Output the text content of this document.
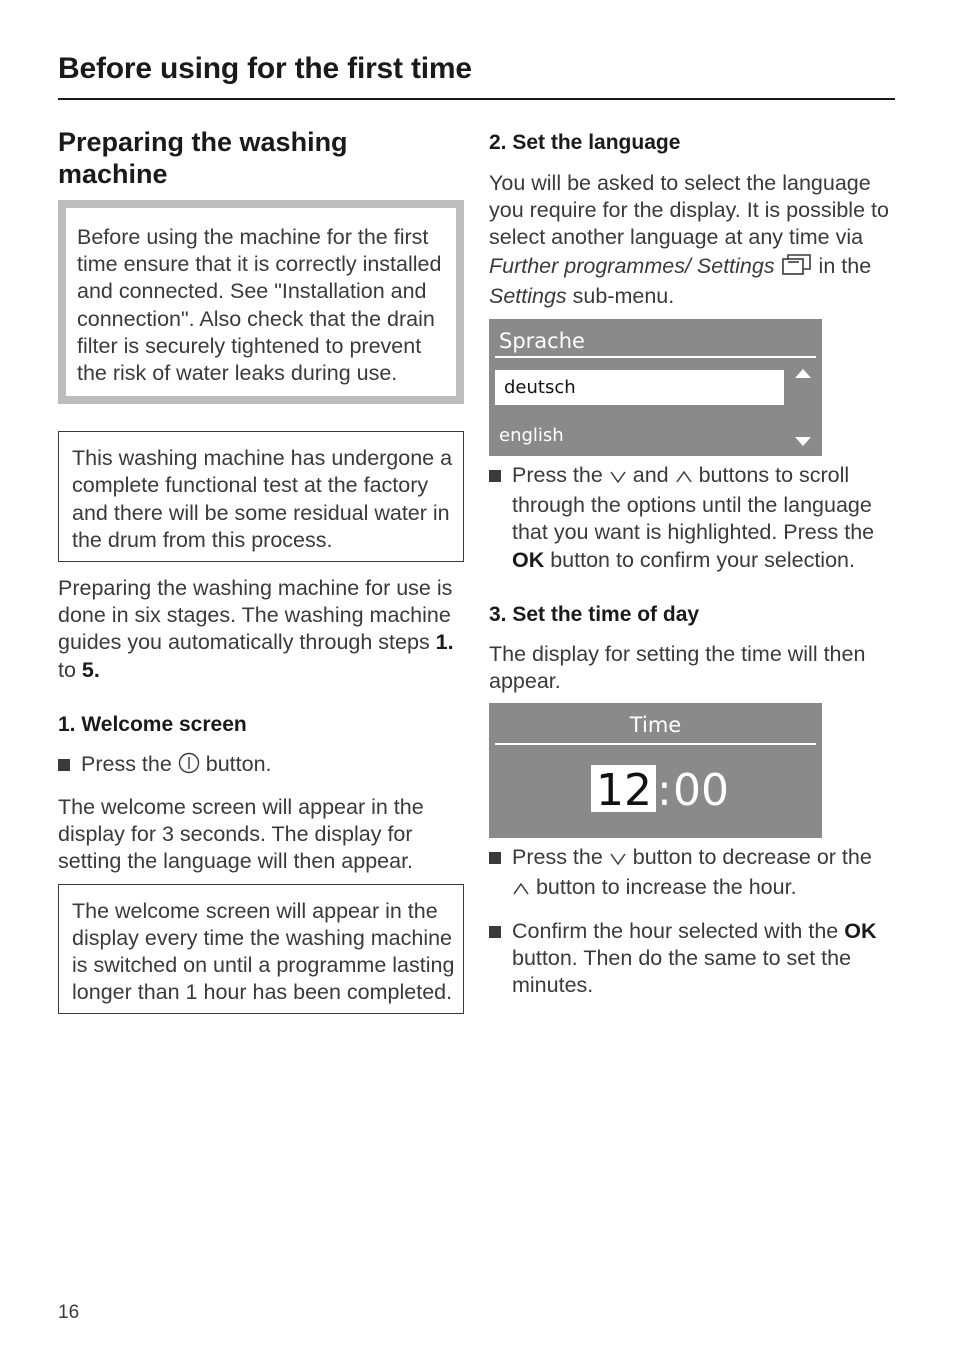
Before using for the first time
Preparing the washing machine

Before using the machine for the first time ensure that it is correctly installed and connected. See "Installation and connection". Also check that the drain filter is securely tightened to prevent the risk of water leaks during use.

This washing machine has undergone a complete functional test at the factory and there will be some residual water in the drum from this process.

Preparing the washing machine for use is done in six stages. The washing machine guides you automatically through steps 1. to 5.

1. Welcome screen

Press the  button.

The welcome screen will appear in the display for 3 seconds. The display for setting the language will then appear.

The welcome screen will appear in the display every time the washing machine is switched on until a programme lasting longer than 1 hour has been completed.

2. Set the language

You will be asked to select the language you require for the display. It is possible to select another language at any time via Further programmes/ Settings  in the Settings sub-menu.

Sprache
deutsch
english

Press the  and  buttons to scroll through the options until the language that you want is highlighted. Press the OK button to confirm your selection.

3. Set the time of day

The display for setting the time will then appear.

Time
12 : 00

Press the  button to decrease or the  button to increase the hour.

Confirm the hour selected with the OK button. Then do the same to set the minutes.

16
